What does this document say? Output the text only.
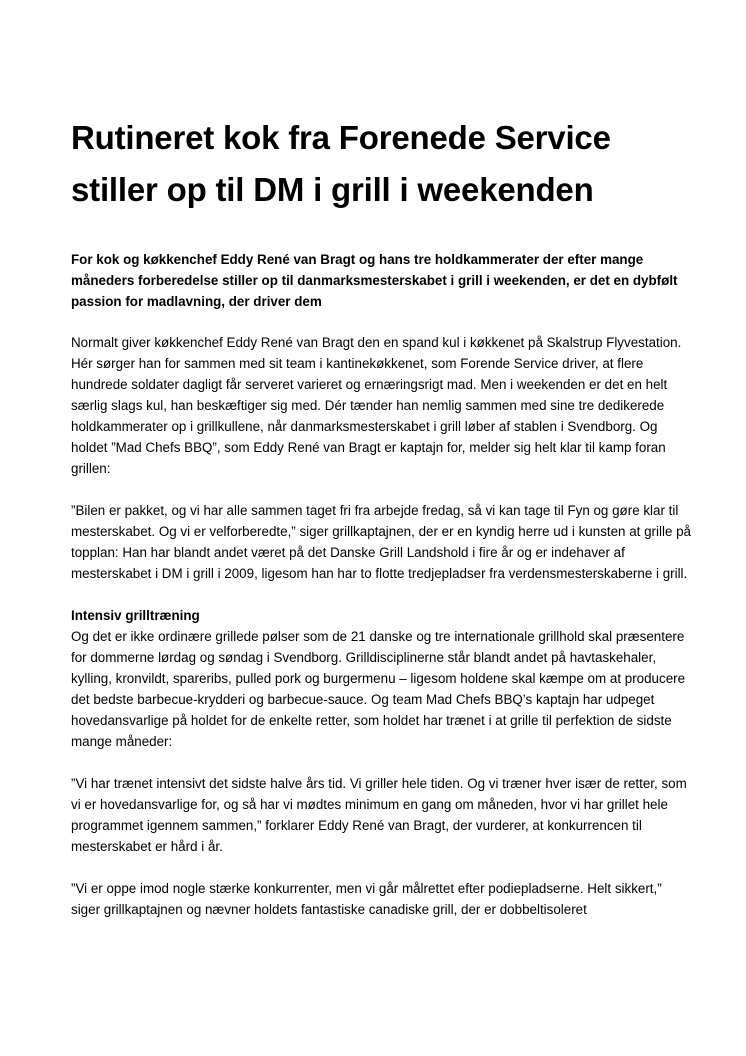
Rutineret kok fra Forenede Service
stiller op til DM i grill i weekenden

For kok og køkkenchef Eddy René van Bragt og hans tre holdkammerater der efter mange måneders forberedelse stiller op til danmarksmesterskabet i grill i weekenden, er det en dybfølt passion for madlavning, der driver dem

Normalt giver køkkenchef Eddy René van Bragt den en spand kul i køkkenet på Skalstrup Flyvestation. Hér sørger han for sammen med sit team i kantinekøkkenet, som Forende Service driver, at flere hundrede soldater dagligt får serveret varieret og ernæringsrigt mad. Men i weekenden er det en helt særlig slags kul, han beskæftiger sig med. Dér tænder han nemlig sammen med sine tre dedikerede holdkammerater op i grillkullene, når danmarksmesterskabet i grill løber af stablen i Svendborg. Og holdet ”Mad Chefs BBQ”, som Eddy René van Bragt er kaptajn for, melder sig helt klar til kamp foran grillen:

”Bilen er pakket, og vi har alle sammen taget fri fra arbejde fredag, så vi kan tage til Fyn og gøre klar til mesterskabet. Og vi er velforberedte,” siger grillkaptajnen, der er en kyndig herre ud i kunsten at grille på topplan: Han har blandt andet været på det Danske Grill Landshold i fire år og er indehaver af mesterskabet i DM i grill i 2009, ligesom han har to flotte tredjepladser fra verdensmesterskaberne i grill.

Intensiv grilltræning

Og det er ikke ordinære grillede pølser som de 21 danske og tre internationale grillhold skal præsentere for dommerne lørdag og søndag i Svendborg. Grilldisciplinerne står blandt andet på havtaskehaler, kylling, kronvildt, spareribs, pulled pork og burgermenu – ligesom holdene skal kæmpe om at producere det bedste barbecue-krydderi og barbecue-sauce. Og team Mad Chefs BBQ’s kaptajn har udpeget hovedansvarlige på holdet for de enkelte retter, som holdet har trænet i at grille til perfektion de sidste mange måneder:

”Vi har trænet intensivt det sidste halve års tid. Vi griller hele tiden. Og vi træner hver især de retter, som vi er hovedansvarlige for, og så har vi mødtes minimum en gang om måneden, hvor vi har grillet hele programmet igennem sammen,” forklarer Eddy René van Bragt, der vurderer, at konkurrencen til mesterskabet er hård i år.

”Vi er oppe imod nogle stærke konkurrenter, men vi går målrettet efter podiepladserne. Helt sikkert,” siger grillkaptajnen og nævner holdets fantastiske canadiske grill, der er dobbeltisoleret
